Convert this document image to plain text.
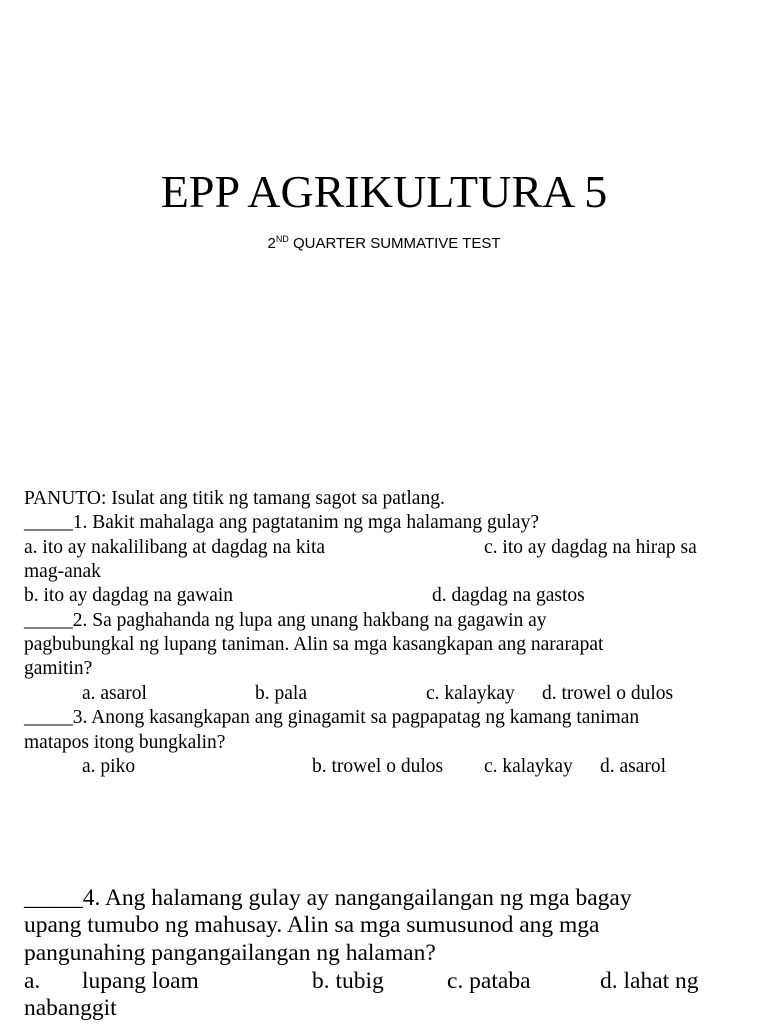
EPP AGRIKULTURA 5
2ND QUARTER SUMMATIVE TEST
PANUTO: Isulat ang titik ng tamang sagot sa patlang.
_____1. Bakit mahalaga ang pagtatanim ng mga halamang gulay?
a. ito ay nakalilibang at dagdag na kita	c. ito ay dagdag na hirap sa
mag-anak
b. ito ay dagdag na gawain	d. dagdag na gastos
_____2. Sa paghahanda ng lupa ang unang hakbang na gagawin ay
pagbubungkal ng lupang taniman. Alin sa mga kasangkapan ang nararapat
gamitin?
a. asarol	b. pala	c. kalaykay d. trowel o dulos
_____3. Anong kasangkapan ang ginagamit sa pagpapatag ng kamang taniman
matapos itong bungkalin?
a. piko	b. trowel o dulos c. kalaykay d. asarol
_____4. Ang halamang gulay ay nangangailangan ng mga bagay
upang tumubo ng mahusay. Alin sa mga sumusunod ang mga
pangunahing pangangailangan ng halaman?
a. lupang loam	b. tubig	c. pataba	d. lahat ng
nabanggit
